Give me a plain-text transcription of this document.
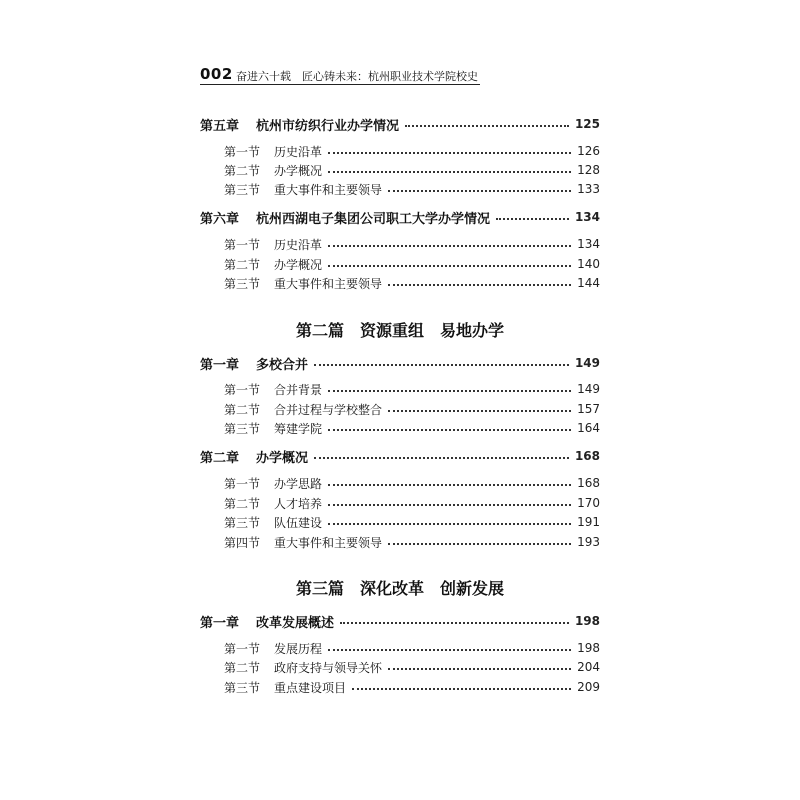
002 奋进六十载　匠心铸未来：杭州职业技术学院校史
第五章 杭州市纺织行业办学情况	125
第一节 历史沿革	126
第二节 办学概况	128
第三节 重大事件和主要领导	133
第六章 杭州西湖电子集团公司职工大学办学情况	134
第一节 历史沿革	134
第二节 办学概况	140
第三节 重大事件和主要领导	144
第二篇　资源重组　易地办学
第一章 多校合并	149
第一节 合并背景	149
第二节 合并过程与学校整合	157
第三节 筹建学院	164
第二章 办学概况	168
第一节 办学思路	168
第二节 人才培养	170
第三节 队伍建设	191
第四节 重大事件和主要领导	193
第三篇　深化改革　创新发展
第一章 改革发展概述	198
第一节 发展历程	198
第二节 政府支持与领导关怀	204
第三节 重点建设项目	209
